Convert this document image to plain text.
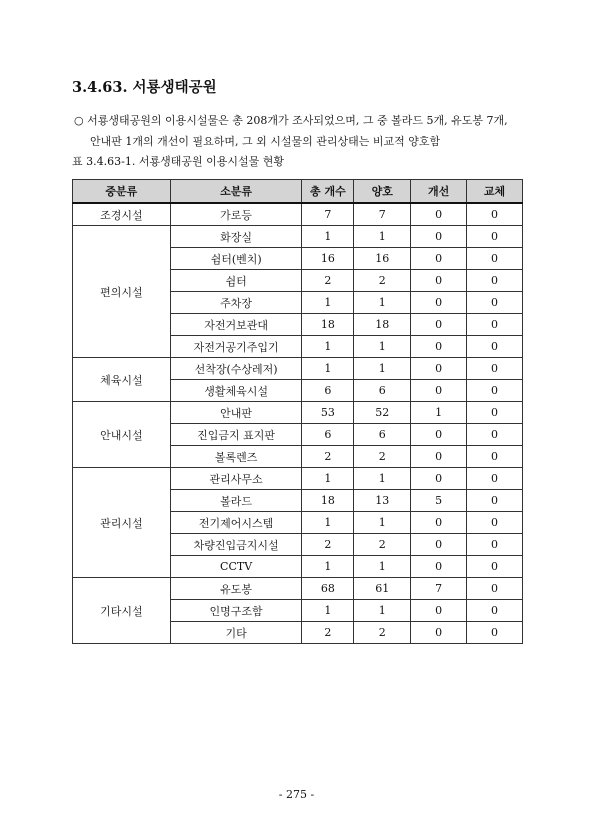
3.4.63. 서룡생태공원
○ 서룡생태공원의 이용시설물은 총 208개가 조사되었으며, 그 중 볼라드 5개, 유도봉 7개,
안내판 1개의 개선이 필요하며, 그 외 시설물의 관리상태는 비교적 양호함
표 3.4.63-1. 서룡생태공원 이용시설물 현황
중분류	소분류	총 개수	양호	개선	교체
조경시설	가로등	7	7	0	0
편의시설	화장실	1	1	0	0
	쉼터(벤치)	16	16	0	0
	쉼터	2	2	0	0
	주차장	1	1	0	0
	자전거보관대	18	18	0	0
	자전거공기주입기	1	1	0	0
체육시설	선착장(수상레저)	1	1	0	0
	생활체육시설	6	6	0	0
안내시설	안내판	53	52	1	0
	진입금지 표지판	6	6	0	0
	볼록렌즈	2	2	0	0
관리시설	관리사무소	1	1	0	0
	볼라드	18	13	5	0
	전기제어시스템	1	1	0	0
	차량진입금지시설	2	2	0	0
	CCTV	1	1	0	0
기타시설	유도봉	68	61	7	0
	인명구조함	1	1	0	0
	기타	2	2	0	0
- 275 -
